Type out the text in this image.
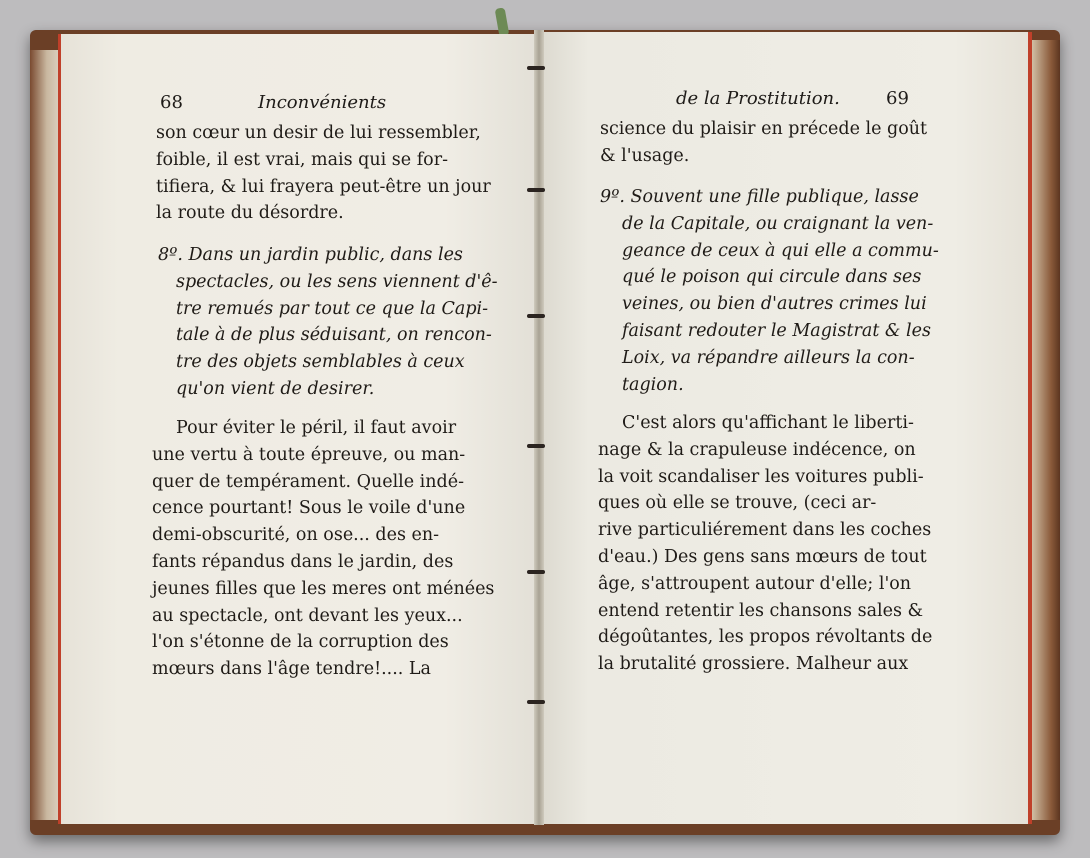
68	Inconvénients
son cœur un desir de lui ressembler,
foible, il est vrai, mais qui se for-
tifiera, & lui frayera peut-être un jour
la route du désordre.
8º. Dans un jardin public, dans les
spectacles, ou les sens viennent d'ê-
tre remués par tout ce que la Capi-
tale à de plus séduisant, on rencon-
tre des objets semblables à ceux
qu'on vient de desirer.
Pour éviter le péril, il faut avoir
une vertu à toute épreuve, ou man-
quer de tempérament. Quelle indé-
cence pourtant! Sous le voile d'une
demi-obscurité, on ose... des en-
fants répandus dans le jardin, des
jeunes filles que les meres ont ménées
au spectacle, ont devant les yeux...
l'on s'étonne de la corruption des
mœurs dans l'âge tendre!.... La
de la Prostitution.	69
science du plaisir en précede le goût
& l'usage.
9º. Souvent une fille publique, lasse
de la Capitale, ou craignant la ven-
geance de ceux à qui elle a commu-
qué le poison qui circule dans ses
veines, ou bien d'autres crimes lui
faisant redouter le Magistrat & les
Loix, va répandre ailleurs la con-
tagion.
C'est alors qu'affichant le liberti-
nage & la crapuleuse indécence, on
la voit scandaliser les voitures publi-
ques où elle se trouve, (ceci ar-
rive particuliérement dans les coches
d'eau.) Des gens sans mœurs de tout
âge, s'attroupent autour d'elle; l'on
entend retentir les chansons sales &
dégoûtantes, les propos révoltants de
la brutalité grossiere. Malheur aux
